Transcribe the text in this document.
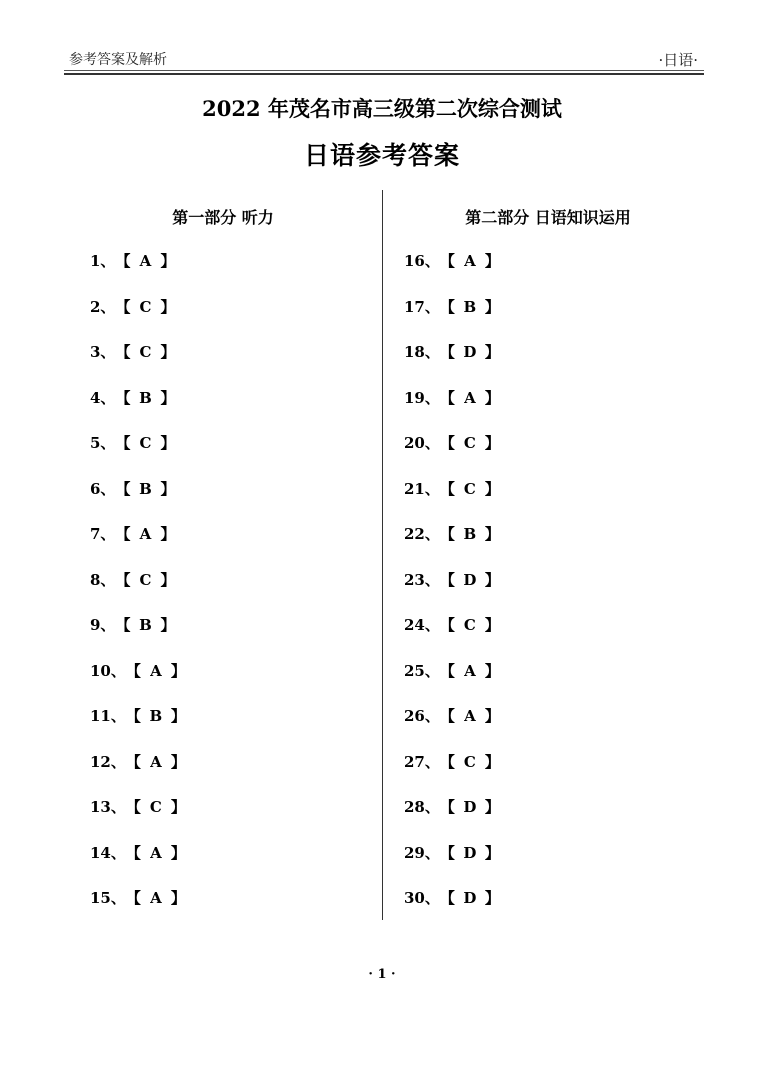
参考答案及解析	·日语·
2022 年茂名市高三级第二次综合测试
日语参考答案
第一部分 听力	第二部分 日语知识运用
1、【 A 】
2、【 C 】
3、【 C 】
4、【 B 】
5、【 C 】
6、【 B 】
7、【 A 】
8、【 C 】
9、【 B 】
10、【 A 】
11、【 B 】
12、【 A 】
13、【 C 】
14、【 A 】
15、【 A 】
16、【 A 】
17、【 B 】
18、【 D 】
19、【 A 】
20、【 C 】
21、【 C 】
22、【 B 】
23、【 D 】
24、【 C 】
25、【 A 】
26、【 A 】
27、【 C 】
28、【 D 】
29、【 D 】
30、【 D 】
· 1 ·
